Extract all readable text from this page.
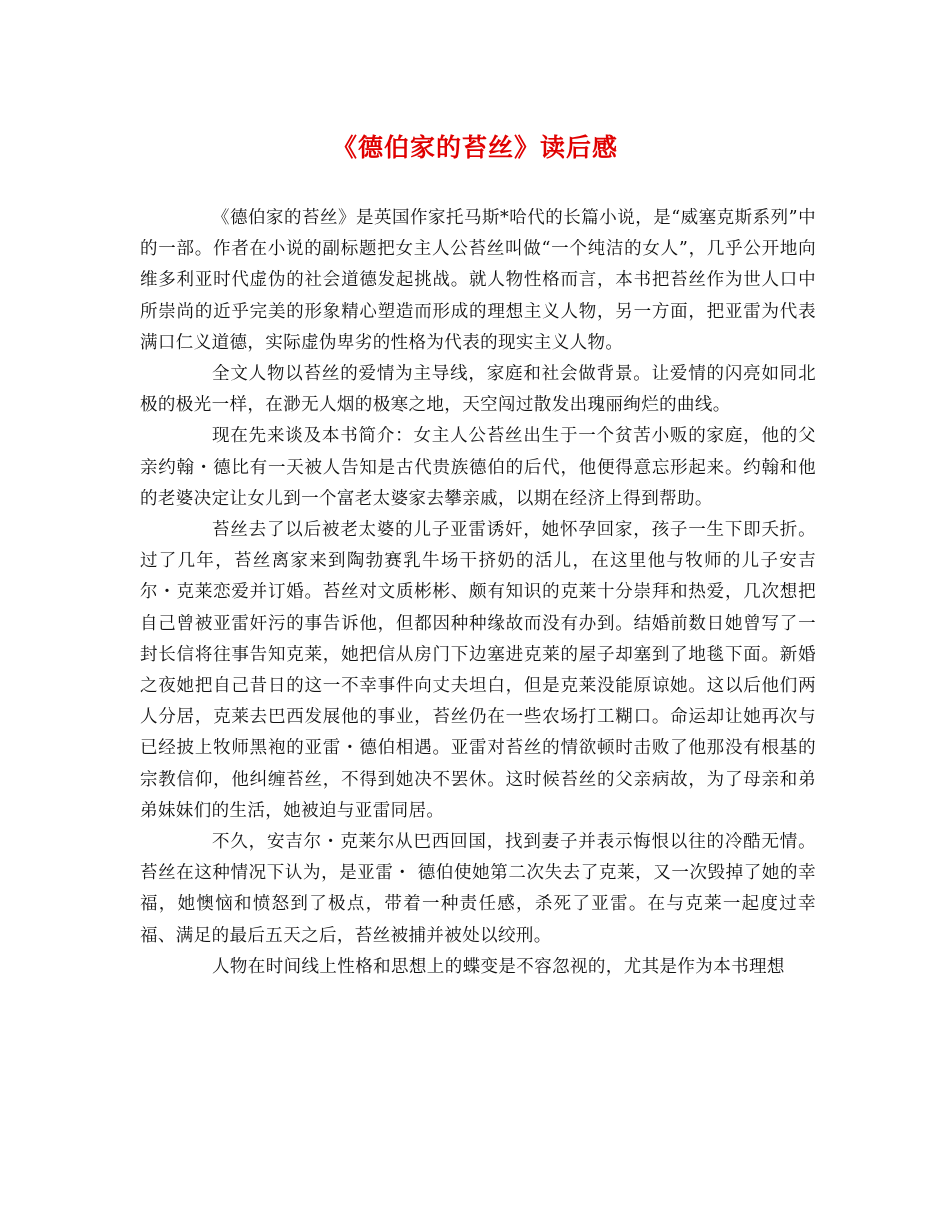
《德伯家的苔丝》读后感

《德伯家的苔丝》是英国作家托马斯*哈代的长篇小说，是“威塞克斯系列”中的一部。作者在小说的副标题把女主人公苔丝叫做“一个纯洁的女人”，几乎公开地向维多利亚时代虚伪的社会道德发起挑战。就人物性格而言，本书把苔丝作为世人口中所崇尚的近乎完美的形象精心塑造而形成的理想主义人物，另一方面，把亚雷为代表满口仁义道德，实际虚伪卑劣的性格为代表的现实主义人物。

全文人物以苔丝的爱情为主导线，家庭和社会做背景。让爱情的闪亮如同北极的极光一样，在渺无人烟的极寒之地，天空闯过散发出瑰丽绚烂的曲线。

现在先来谈及本书简介：女主人公苔丝出生于一个贫苦小贩的家庭，他的父亲约翰・德比有一天被人告知是古代贵族德伯的后代，他便得意忘形起来。约翰和他的老婆决定让女儿到一个富老太婆家去攀亲戚，以期在经济上得到帮助。

苔丝去了以后被老太婆的儿子亚雷诱奸，她怀孕回家，孩子一生下即夭折。过了几年，苔丝离家来到陶勃赛乳牛场干挤奶的活儿，在这里他与牧师的儿子安吉尔・克莱恋爱并订婚。苔丝对文质彬彬、颇有知识的克莱十分崇拜和热爱，几次想把自己曾被亚雷奸污的事告诉他，但都因种种缘故而没有办到。结婚前数日她曾写了一封长信将往事告知克莱，她把信从房门下边塞进克莱的屋子却塞到了地毯下面。新婚之夜她把自己昔日的这一不幸事件向丈夫坦白，但是克莱没能原谅她。这以后他们两人分居，克莱去巴西发展他的事业，苔丝仍在一些农场打工糊口。命运却让她再次与已经披上牧师黑袍的亚雷・德伯相遇。亚雷对苔丝的情欲顿时击败了他那没有根基的宗教信仰，他纠缠苔丝，不得到她决不罢休。这时候苔丝的父亲病故，为了母亲和弟弟妹妹们的生活，她被迫与亚雷同居。

不久，安吉尔・克莱尔从巴西回国，找到妻子并表示悔恨以往的冷酷无情。苔丝在这种情况下认为，是亚雷・ 德伯使她第二次失去了克莱，又一次毁掉了她的幸福，她懊恼和愤怒到了极点，带着一种责任感，杀死了亚雷。在与克莱一起度过幸福、满足的最后五天之后，苔丝被捕并被处以绞刑。

人物在时间线上性格和思想上的蝶变是不容忽视的，尤其是作为本书理想
